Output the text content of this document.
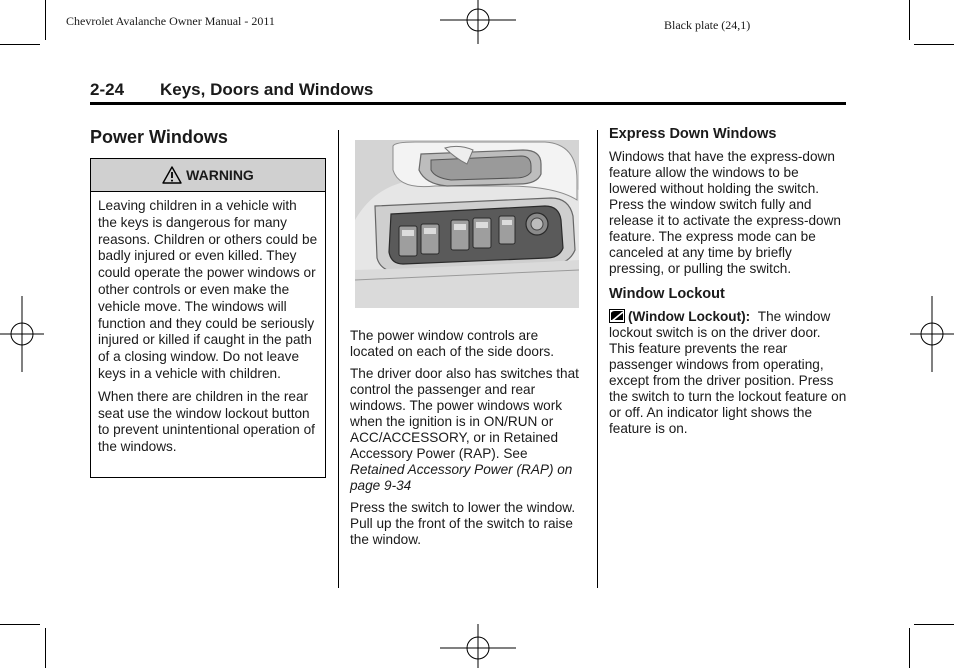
Chevrolet Avalanche Owner Manual - 2011	Black plate (24,1)
2-24 Keys, Doors and Windows
Power Windows
WARNING

Leaving children in a vehicle with the keys is dangerous for many reasons. Children or others could be badly injured or even killed. They could operate the power windows or other controls or even make the vehicle move. The windows will function and they could be seriously injured or killed if caught in the path of a closing window. Do not leave keys in a vehicle with children.

When there are children in the rear seat use the window lockout button to prevent unintentional operation of the windows.

The power window controls are located on each of the side doors.

The driver door also has switches that control the passenger and rear windows. The power windows work when the ignition is in ON/RUN or ACC/ACCESSORY, or in Retained Accessory Power (RAP). See Retained Accessory Power (RAP) on page 9-34

Press the switch to lower the window. Pull up the front of the switch to raise the window.

Express Down Windows

Windows that have the express-down feature allow the windows to be lowered without holding the switch. Press the window switch fully and release it to activate the express-down feature. The express mode can be canceled at any time by briefly pressing, or pulling the switch.

Window Lockout

(Window Lockout): The window lockout switch is on the driver door. This feature prevents the rear passenger windows from operating, except from the driver position. Press the switch to turn the lockout feature on or off. An indicator light shows the feature is on.
